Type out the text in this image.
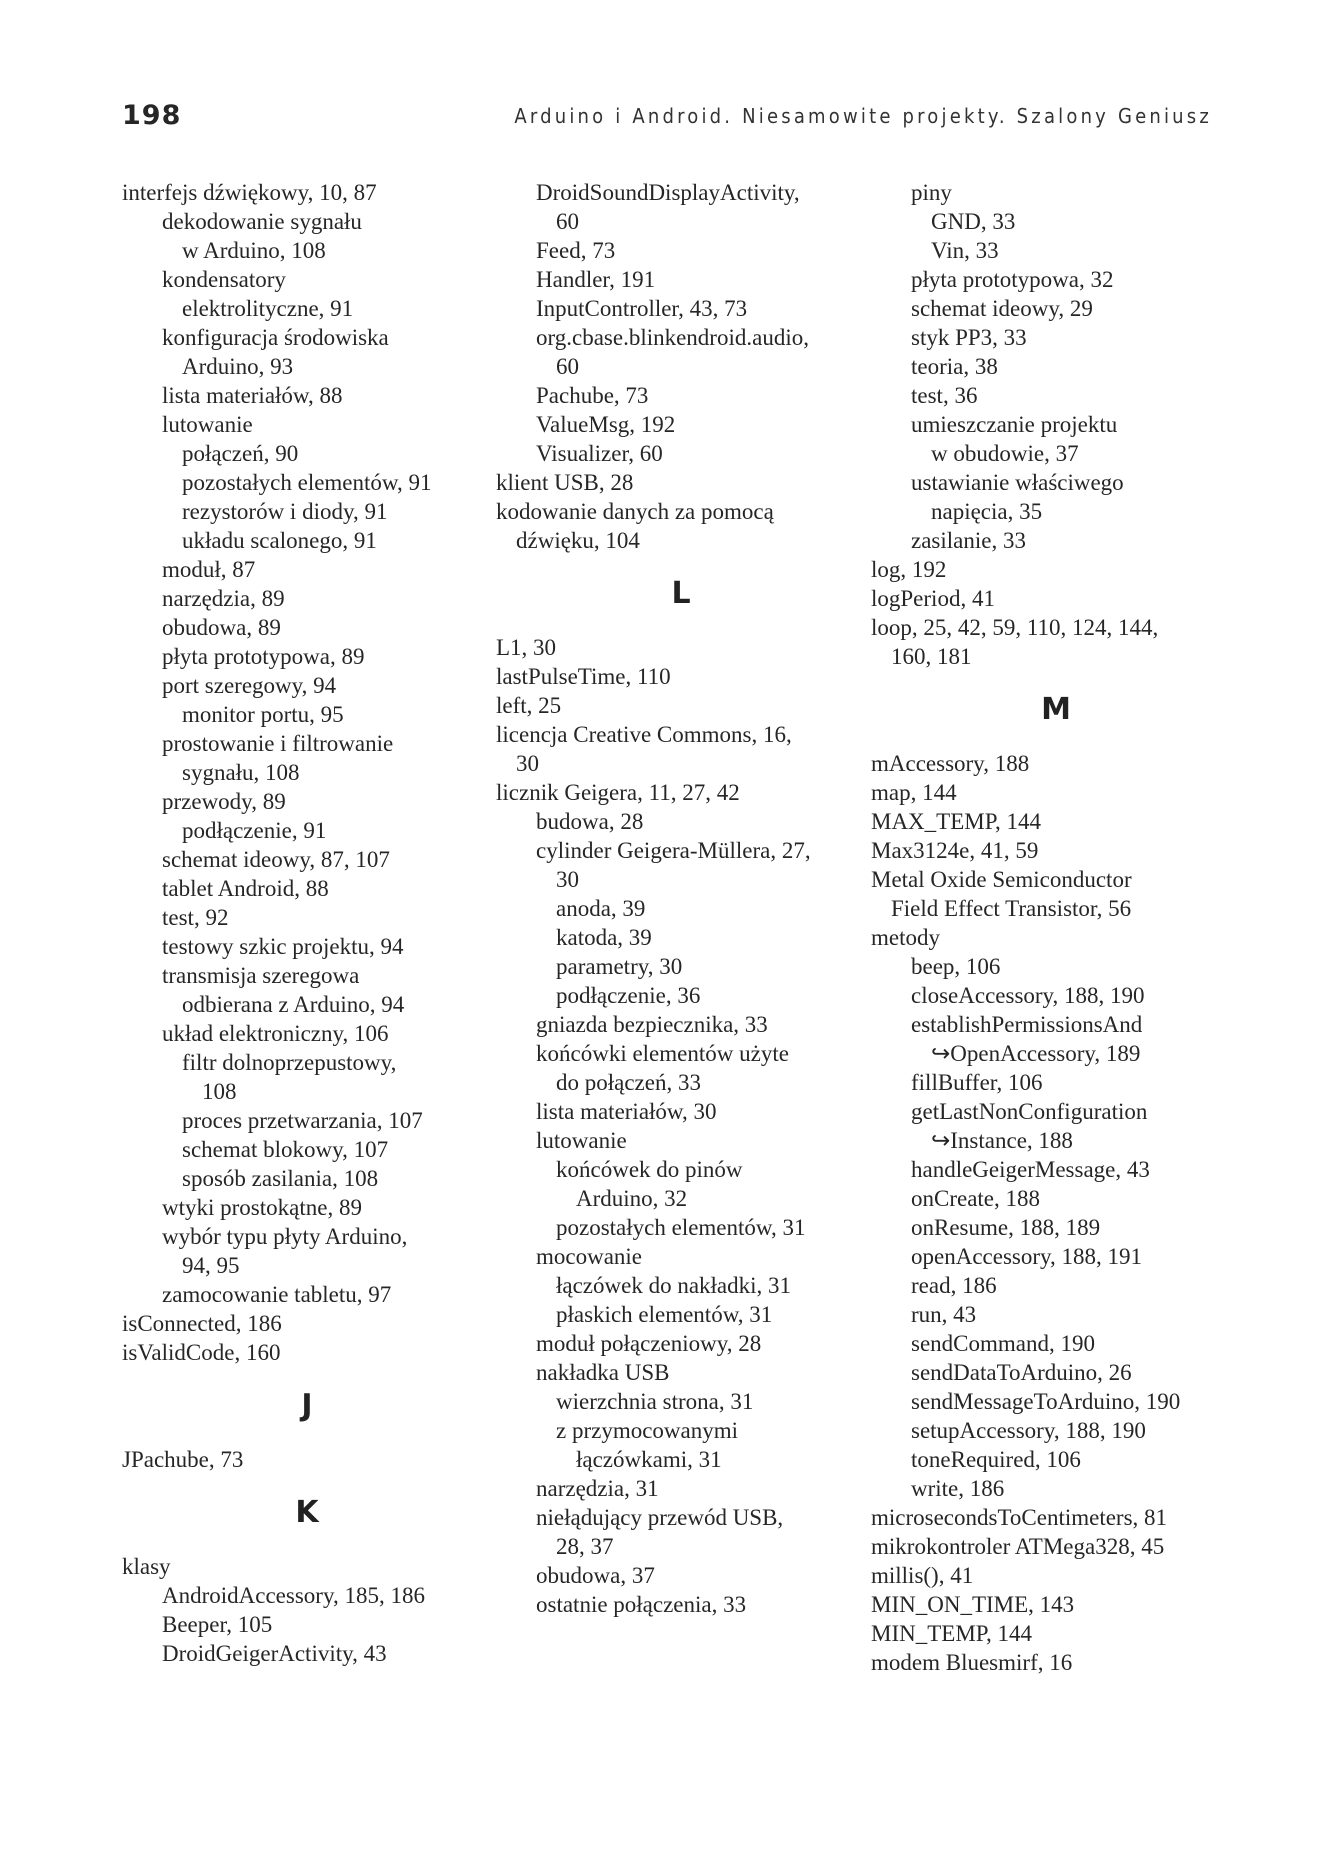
198	Arduino i Android. Niesamowite projekty. Szalony Geniusz
interfejs dźwiękowy, 10, 87
dekodowanie sygnału
w Arduino, 108
kondensatory
elektrolityczne, 91
konfiguracja środowiska
Arduino, 93
lista materiałów, 88
lutowanie
połączeń, 90
pozostałych elementów, 91
rezystorów i diody, 91
układu scalonego, 91
moduł, 87
narzędzia, 89
obudowa, 89
płyta prototypowa, 89
port szeregowy, 94
monitor portu, 95
prostowanie i filtrowanie
sygnału, 108
przewody, 89
podłączenie, 91
schemat ideowy, 87, 107
tablet Android, 88
test, 92
testowy szkic projektu, 94
transmisja szeregowa
odbierana z Arduino, 94
układ elektroniczny, 106
filtr dolnoprzepustowy,
108
proces przetwarzania, 107
schemat blokowy, 107
sposób zasilania, 108
wtyki prostokątne, 89
wybór typu płyty Arduino,
94, 95
zamocowanie tabletu, 97
isConnected, 186
isValidCode, 160
J
JPachube, 73
K
klasy
AndroidAccessory, 185, 186
Beeper, 105
DroidGeigerActivity, 43
DroidSoundDisplayActivity,
60
Feed, 73
Handler, 191
InputController, 43, 73
org.cbase.blinkendroid.audio,
60
Pachube, 73
ValueMsg, 192
Visualizer, 60
klient USB, 28
kodowanie danych za pomocą
dźwięku, 104
L
L1, 30
lastPulseTime, 110
left, 25
licencja Creative Commons, 16,
30
licznik Geigera, 11, 27, 42
budowa, 28
cylinder Geigera-Müllera, 27,
30
anoda, 39
katoda, 39
parametry, 30
podłączenie, 36
gniazda bezpiecznika, 33
końcówki elementów użyte
do połączeń, 33
lista materiałów, 30
lutowanie
końcówek do pinów
Arduino, 32
pozostałych elementów, 31
mocowanie
łączówek do nakładki, 31
płaskich elementów, 31
moduł połączeniowy, 28
nakładka USB
wierzchnia strona, 31
z przymocowanymi
łączówkami, 31
narzędzia, 31
niełądujący przewód USB,
28, 37
obudowa, 37
ostatnie połączenia, 33
piny
GND, 33
Vin, 33
płyta prototypowa, 32
schemat ideowy, 29
styk PP3, 33
teoria, 38
test, 36
umieszczanie projektu
w obudowie, 37
ustawianie właściwego
napięcia, 35
zasilanie, 33
log, 192
logPeriod, 41
loop, 25, 42, 59, 110, 124, 144,
160, 181
M
mAccessory, 188
map, 144
MAX_TEMP, 144
Max3124e, 41, 59
Metal Oxide Semiconductor
Field Effect Transistor, 56
metody
beep, 106
closeAccessory, 188, 190
establishPermissionsAnd
↪OpenAccessory, 189
fillBuffer, 106
getLastNonConfiguration
↪Instance, 188
handleGeigerMessage, 43
onCreate, 188
onResume, 188, 189
openAccessory, 188, 191
read, 186
run, 43
sendCommand, 190
sendDataToArduino, 26
sendMessageToArduino, 190
setupAccessory, 188, 190
toneRequired, 106
write, 186
microsecondsToCentimeters, 81
mikrokontroler ATMega328, 45
millis(), 41
MIN_ON_TIME, 143
MIN_TEMP, 144
modem Bluesmirf, 16
